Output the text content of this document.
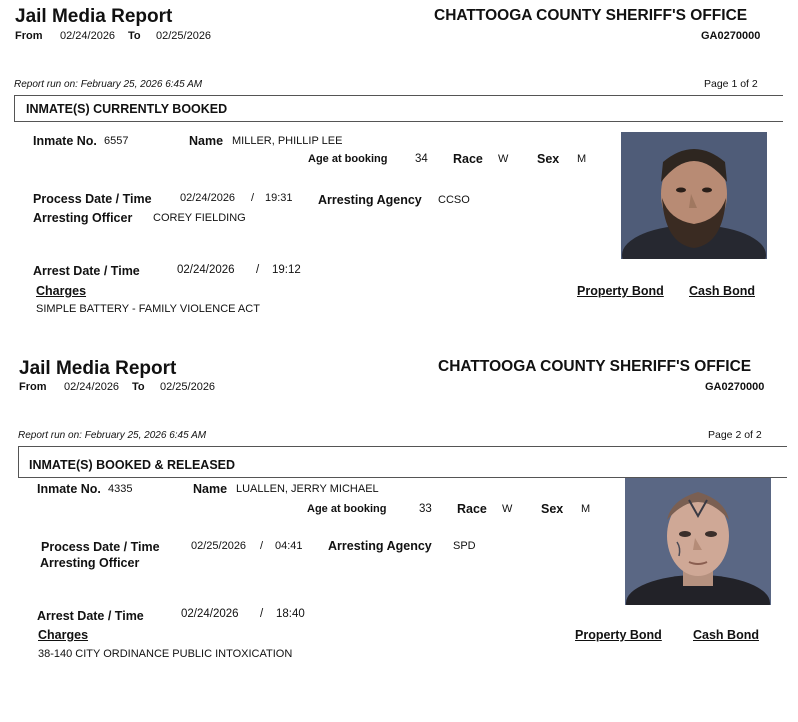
Jail Media Report	CHATTOOGA COUNTY SHERIFF'S OFFICE
From 02/24/2026 To 02/25/2026	GA0270000
Report run on: February 25, 2026 6:45 AM	Page 1 of 2
INMATE(S) CURRENTLY BOOKED
Inmate No. 6557	Name MILLER, PHILLIP LEE
Age at booking 34 Race W Sex M
Process Date / Time	02/24/2026 / 19:31 Arresting Agency CCSO
Arresting Officer COREY FIELDING
Arrest Date / Time	02/24/2026 / 19:12
Charges	Property Bond Cash Bond
SIMPLE BATTERY - FAMILY VIOLENCE ACT
Jail Media Report	CHATTOOGA COUNTY SHERIFF'S OFFICE
From 02/24/2026 To 02/25/2026	GA0270000
Report run on: February 25, 2026 6:45 AM	Page 2 of 2
INMATE(S) BOOKED & RELEASED
Inmate No. 4335	Name LUALLEN, JERRY MICHAEL
Age at booking	33 Race W Sex M
Process Date / Time	02/25/2026 / 04:41 Arresting Agency SPD
Arresting Officer
Arrest Date / Time	02/24/2026 / 18:40
Charges	Property Bond Cash Bond
38-140 CITY ORDINANCE PUBLIC INTOXICATION
